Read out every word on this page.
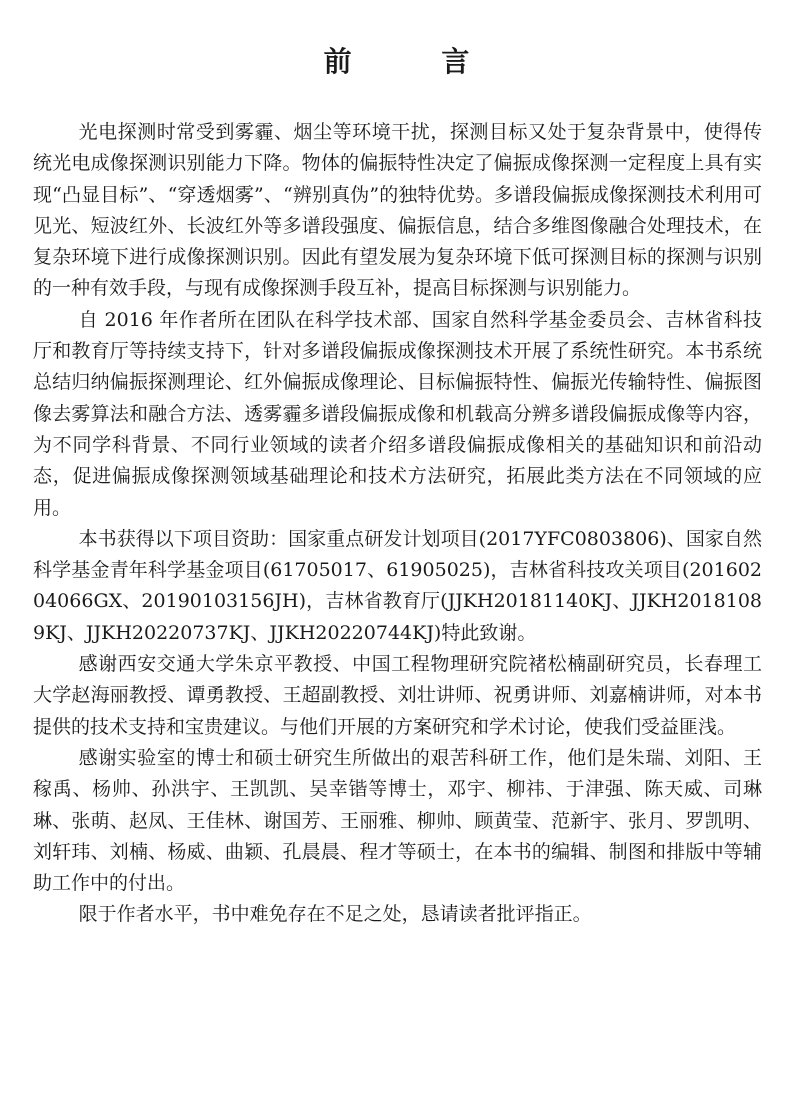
前 言

光电探测时常受到雾霾、烟尘等环境干扰，探测目标又处于复杂背景中，使得传统光电成像探测识别能力下降。物体的偏振特性决定了偏振成像探测一定程度上具有实现“凸显目标”、“穿透烟雾”、“辨别真伪”的独特优势。多谱段偏振成像探测技术利用可见光、短波红外、长波红外等多谱段强度、偏振信息，结合多维图像融合处理技术，在复杂环境下进行成像探测识别。因此有望发展为复杂环境下低可探测目标的探测与识别的一种有效手段，与现有成像探测手段互补，提高目标探测与识别能力。

自 2016 年作者所在团队在科学技术部、国家自然科学基金委员会、吉林省科技厅和教育厅等持续支持下，针对多谱段偏振成像探测技术开展了系统性研究。本书系统总结归纳偏振探测理论、红外偏振成像理论、目标偏振特性、偏振光传输特性、偏振图像去雾算法和融合方法、透雾霾多谱段偏振成像和机载高分辨多谱段偏振成像等内容，为不同学科背景、不同行业领域的读者介绍多谱段偏振成像相关的基础知识和前沿动态，促进偏振成像探测领域基础理论和技术方法研究，拓展此类方法在不同领域的应用。

本书获得以下项目资助：国家重点研发计划项目(2017YFC0803806)、国家自然科学基金青年科学基金项目(61705017、61905025)，吉林省科技攻关项目(20160204066GX、20190103156JH)，吉林省教育厅(JJKH20181140KJ、JJKH20181089KJ、JJKH20220737KJ、JJKH20220744KJ)特此致谢。

感谢西安交通大学朱京平教授、中国工程物理研究院褚松楠副研究员，长春理工大学赵海丽教授、谭勇教授、王超副教授、刘壮讲师、祝勇讲师、刘嘉楠讲师，对本书提供的技术支持和宝贵建议。与他们开展的方案研究和学术讨论，使我们受益匪浅。

感谢实验室的博士和硕士研究生所做出的艰苦科研工作，他们是朱瑞、刘阳、王稼禹、杨帅、孙洪宇、王凯凯、吴幸锴等博士，邓宇、柳祎、于津强、陈天威、司琳琳、张萌、赵凤、王佳林、谢国芳、王丽雅、柳帅、顾黄莹、范新宇、张月、罗凯明、刘轩玮、刘楠、杨威、曲颖、孔晨晨、程才等硕士，在本书的编辑、制图和排版中等辅助工作中的付出。

限于作者水平，书中难免存在不足之处，恳请读者批评指正。
